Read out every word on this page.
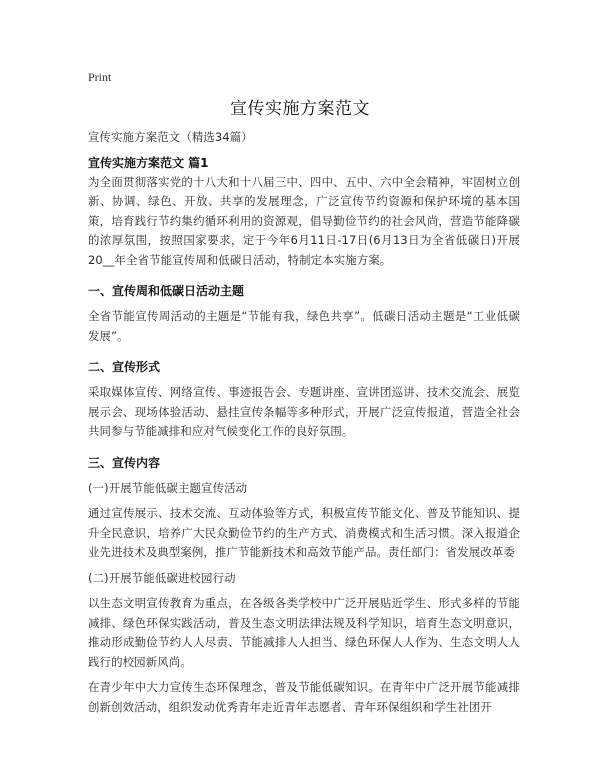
Print
宣传实施方案范文

宣传实施方案范文（精选34篇）

宣传实施方案范文 篇1

为全面贯彻落实党的十八大和十八届三中、四中、五中、六中全会精神，牢固树立创新、协调、绿色、开放、共享的发展理念，广泛宣传节约资源和保护环境的基本国策，培育践行节约集约循环利用的资源观，倡导勤俭节约的社会风尚，营造节能降碳的浓厚氛围，按照国家要求，定于今年6月11日-17日(6月13日为全省低碳日)开展20__年全省节能宣传周和低碳日活动，特制定本实施方案。

一、宣传周和低碳日活动主题

全省节能宣传周活动的主题是“节能有我，绿色共享”。低碳日活动主题是“工业低碳发展”。

二、宣传形式

采取媒体宣传、网络宣传、事迹报告会、专题讲座、宣讲团巡讲、技术交流会、展览展示会、现场体验活动、悬挂宣传条幅等多种形式，开展广泛宣传报道，营造全社会共同参与节能减排和应对气候变化工作的良好氛围。

三、宣传内容

(一)开展节能低碳主题宣传活动

通过宣传展示、技术交流、互动体验等方式，积极宣传节能文化、普及节能知识、提升全民意识，培养广大民众勤俭节约的生产方式、消费模式和生活习惯。深入报道企业先进技术及典型案例，推广节能新技术和高效节能产品。责任部门：省发展改革委

(二)开展节能低碳进校园行动

以生态文明宣传教育为重点，在各级各类学校中广泛开展贴近学生、形式多样的节能减排、绿色环保实践活动，普及生态文明法律法规及科学知识，培育生态文明意识，推动形成勤俭节约人人尽责、节能减排人人担当、绿色环保人人作为、生态文明人人践行的校园新风尚。

在青少年中大力宣传生态环保理念，普及节能低碳知识。在青年中广泛开展节能减排创新创效活动，组织发动优秀青年走近青年志愿者、青年环保组织和学生社团开
